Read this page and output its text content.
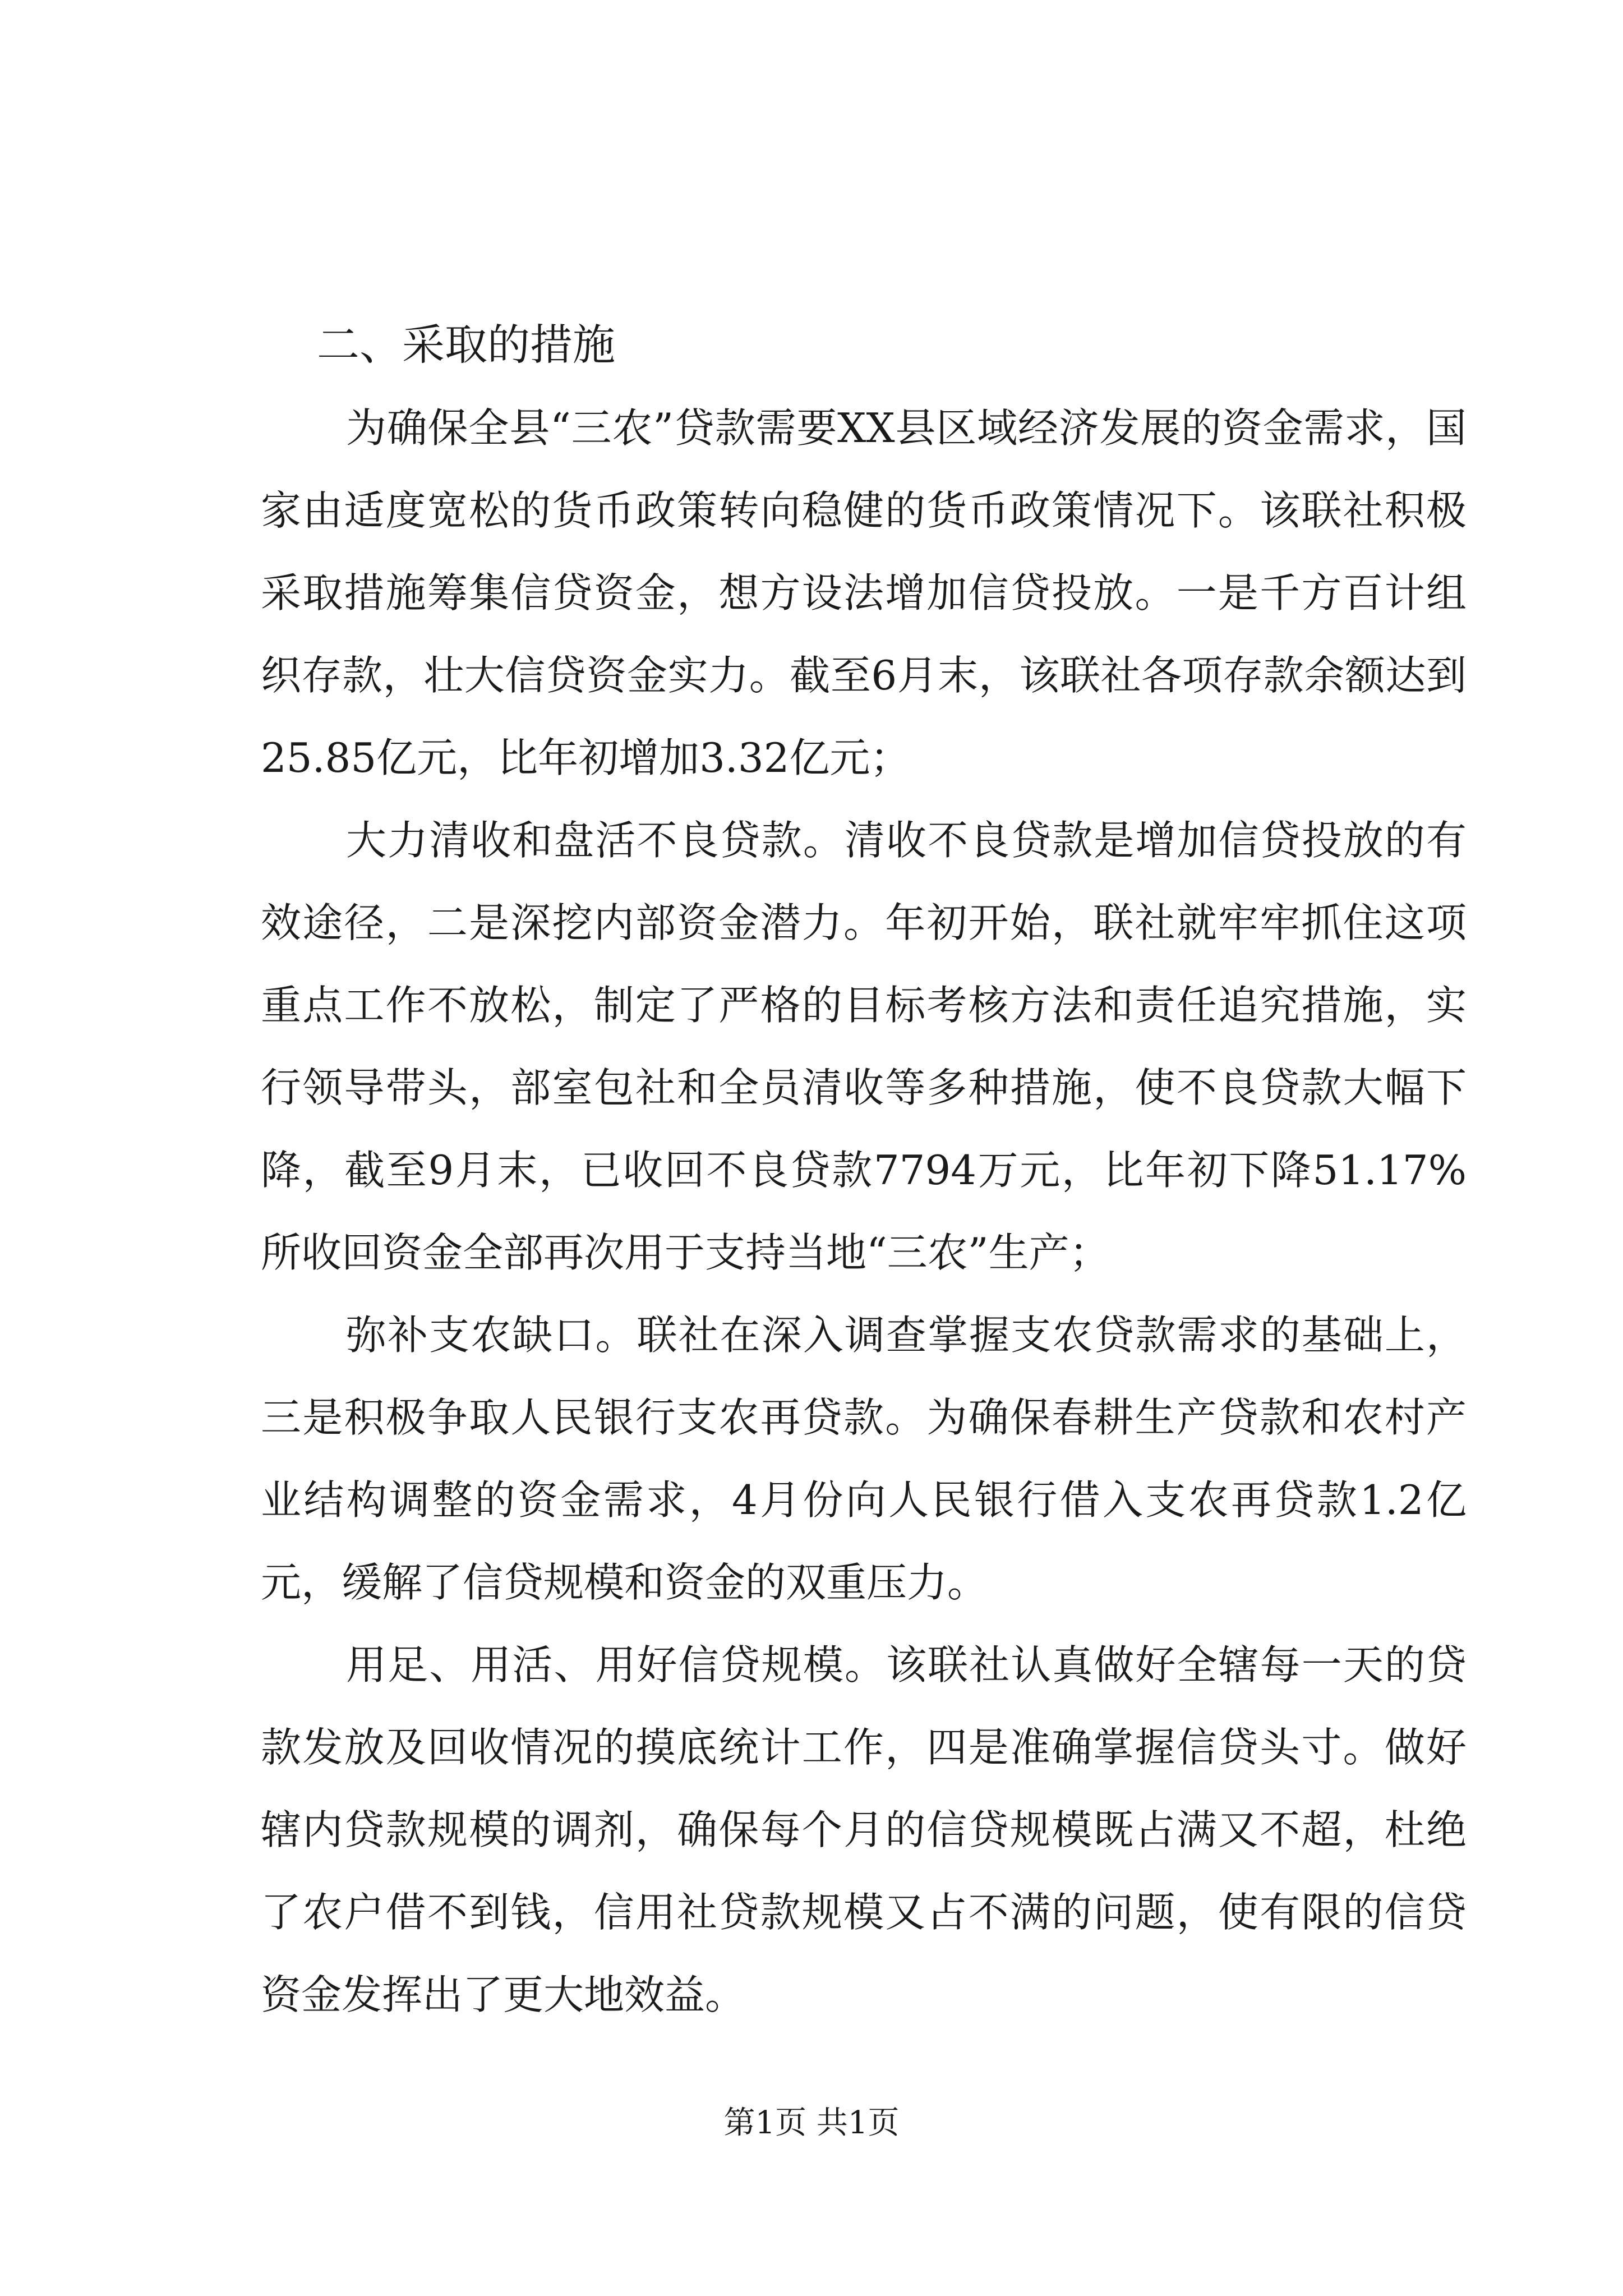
二、采取的措施

为确保全县“三农”贷款需要XX县区域经济发展的资金需求，国家由适度宽松的货币政策转向稳健的货币政策情况下。该联社积极采取措施筹集信贷资金，想方设法增加信贷投放。一是千方百计组织存款，壮大信贷资金实力。截至6月末，该联社各项存款余额达到25.85亿元，比年初增加3.32亿元；

大力清收和盘活不良贷款。清收不良贷款是增加信贷投放的有效途径，二是深挖内部资金潜力。年初开始，联社就牢牢抓住这项重点工作不放松，制定了严格的目标考核方法和责任追究措施，实行领导带头，部室包社和全员清收等多种措施，使不良贷款大幅下降，截至9月末，已收回不良贷款7794万元，比年初下降51.17%所收回资金全部再次用于支持当地“三农”生产；

弥补支农缺口。联社在深入调查掌握支农贷款需求的基础上，三是积极争取人民银行支农再贷款。为确保春耕生产贷款和农村产业结构调整的资金需求，4月份向人民银行借入支农再贷款1.2亿元，缓解了信贷规模和资金的双重压力。

用足、用活、用好信贷规模。该联社认真做好全辖每一天的贷款发放及回收情况的摸底统计工作，四是准确掌握信贷头寸。做好辖内贷款规模的调剂，确保每个月的信贷规模既占满又不超，杜绝了农户借不到钱，信用社贷款规模又占不满的问题，使有限的信贷资金发挥出了更大地效益。

第1页 共1页
